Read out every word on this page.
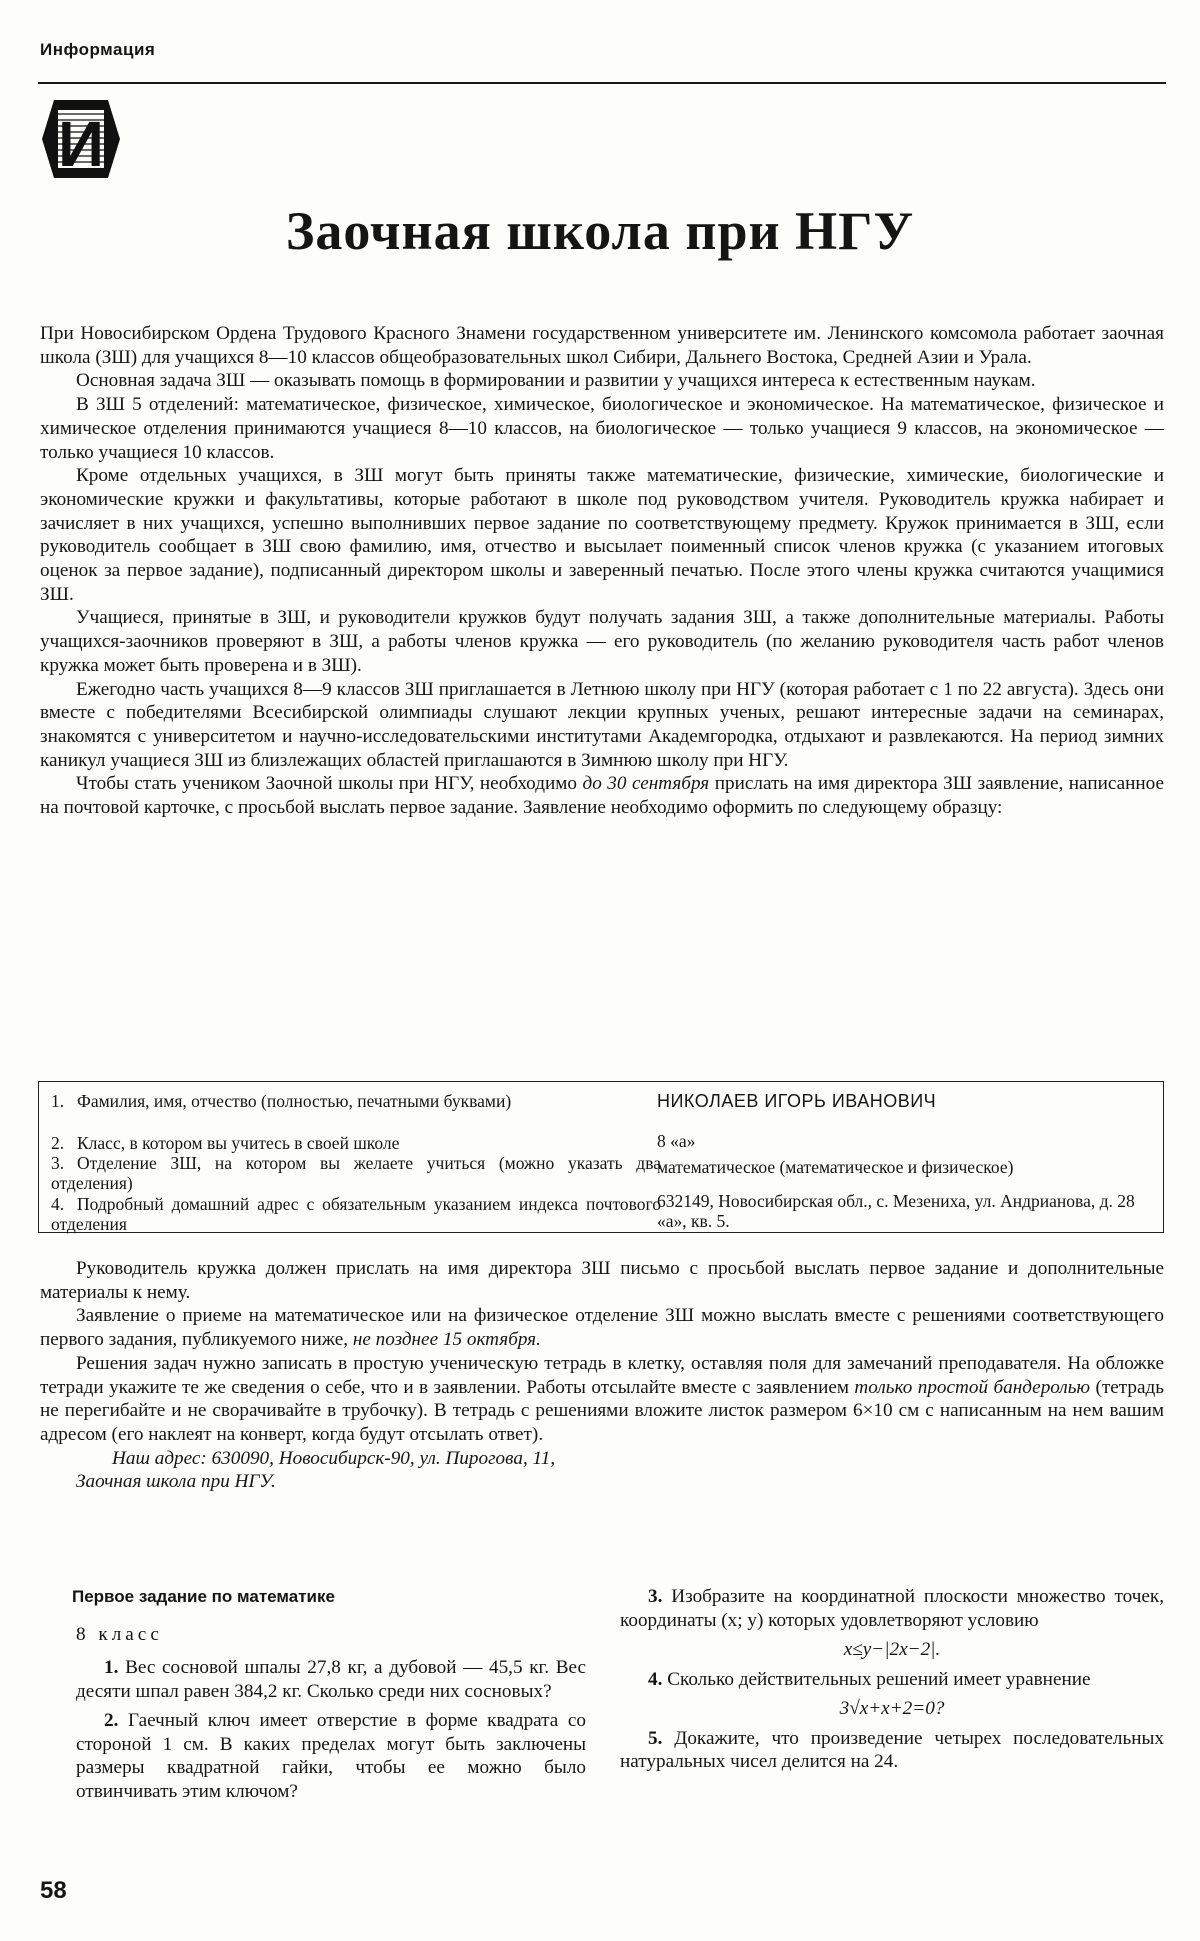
Информация
И
Заочная школа при НГУ

При Новосибирском Ордена Трудового Красного Знамени государственном университете им. Ленинского комсомола работает заочная школа (ЗШ) для учащихся 8—10 классов общеобразовательных школ Сибири, Дальнего Востока, Средней Азии и Урала.

Основная задача ЗШ — оказывать помощь в формировании и развитии у учащихся интереса к естественным наукам.

В ЗШ 5 отделений: математическое, физическое, химическое, биологическое и экономическое. На математическое, физическое и химическое отделения принимаются учащиеся 8—10 классов, на биологическое — только учащиеся 9 классов, на экономическое — только учащиеся 10 классов.

Кроме отдельных учащихся, в ЗШ могут быть приняты также математические, физические, химические, биологические и экономические кружки и факультативы, которые работают в школе под руководством учителя. Руководитель кружка набирает и зачисляет в них учащихся, успешно выполнивших первое задание по соответствующему предмету. Кружок принимается в ЗШ, если руководитель сообщает в ЗШ свою фамилию, имя, отчество и высылает поименный список членов кружка (с указанием итоговых оценок за первое задание), подписанный директором школы и заверенный печатью. После этого члены кружка считаются учащимися ЗШ.

Учащиеся, принятые в ЗШ, и руководители кружков будут получать задания ЗШ, а также дополнительные материалы. Работы учащихся-заочников проверяют в ЗШ, а работы членов кружка — его руководитель (по желанию руководителя часть работ членов кружка может быть проверена и в ЗШ).

Ежегодно часть учащихся 8—9 классов ЗШ приглашается в Летнюю школу при НГУ (которая работает с 1 по 22 августа). Здесь они вместе с победителями Всесибирской олимпиады слушают лекции крупных ученых, решают интересные задачи на семинарах, знакомятся с университетом и научно-исследовательскими институтами Академгородка, отдыхают и развлекаются. На период зимних каникул учащиеся ЗШ из близлежащих областей приглашаются в Зимнюю школу при НГУ.

Чтобы стать учеником Заочной школы при НГУ, необходимо до 30 сентября прислать на имя директора ЗШ заявление, написанное на почтовой карточке, с просьбой выслать первое задание. Заявление необходимо оформить по следующему образцу:

1. Фамилия, имя, отчество (полностью, печатными буквами)	НИКОЛАЕВ ИГОРЬ ИВАНОВИЧ
2. Класс, в котором вы учитесь в своей школе	8 «а»
3. Отделение ЗШ, на котором вы желаете учиться (можно указать два отделения)
математическое (математическое и физическое)
4. Подробный домашний адрес с обязательным указанием индекса почтового отделения
632149, Новосибирская обл., с. Мезениха, ул. Андрианова, д. 28 «а», кв. 5.

Руководитель кружка должен прислать на имя директора ЗШ письмо с просьбой выслать первое задание и дополнительные материалы к нему.

Заявление о приеме на математическое или на физическое отделение ЗШ можно выслать вместе с решениями соответствующего первого задания, публикуемого ниже, не позднее 15 октября.

Решения задач нужно записать в простую ученическую тетрадь в клетку, оставляя поля для замечаний преподавателя. На обложке тетради укажите те же сведения о себе, что и в заявлении. Работы отсылайте вместе с заявлением только простой бандеролью (тетрадь не перегибайте и не сворачивайте в трубочку). В тетрадь с решениями вложите листок размером 6×10 см с написанным на нем вашим адресом (его наклеят на конверт, когда будут отсылать ответ).

Наш адрес: 630090, Новосибирск-90, ул. Пирогова, 11,
Заочная школа при НГУ.

Первое задание по математике
8 класс

1. Вес сосновой шпалы 27,8 кг, а дубовой — 45,5 кг. Вес десяти шпал равен 384,2 кг. Сколько среди них сосновых?

2. Гаечный ключ имеет отверстие в форме квадрата со стороной 1 см. В каких пределах могут быть заключены размеры квадратной гайки, чтобы ее можно было отвинчивать этим ключом?

3. Изобразите на координатной плоскости множество точек, координаты (x; y) которых удовлетворяют условию

x≤y−|2x−2|.

4. Сколько действительных решений имеет уравнение

3√x+x+2=0?

5. Докажите, что произведение четырех последовательных натуральных чисел делится на 24.

58
